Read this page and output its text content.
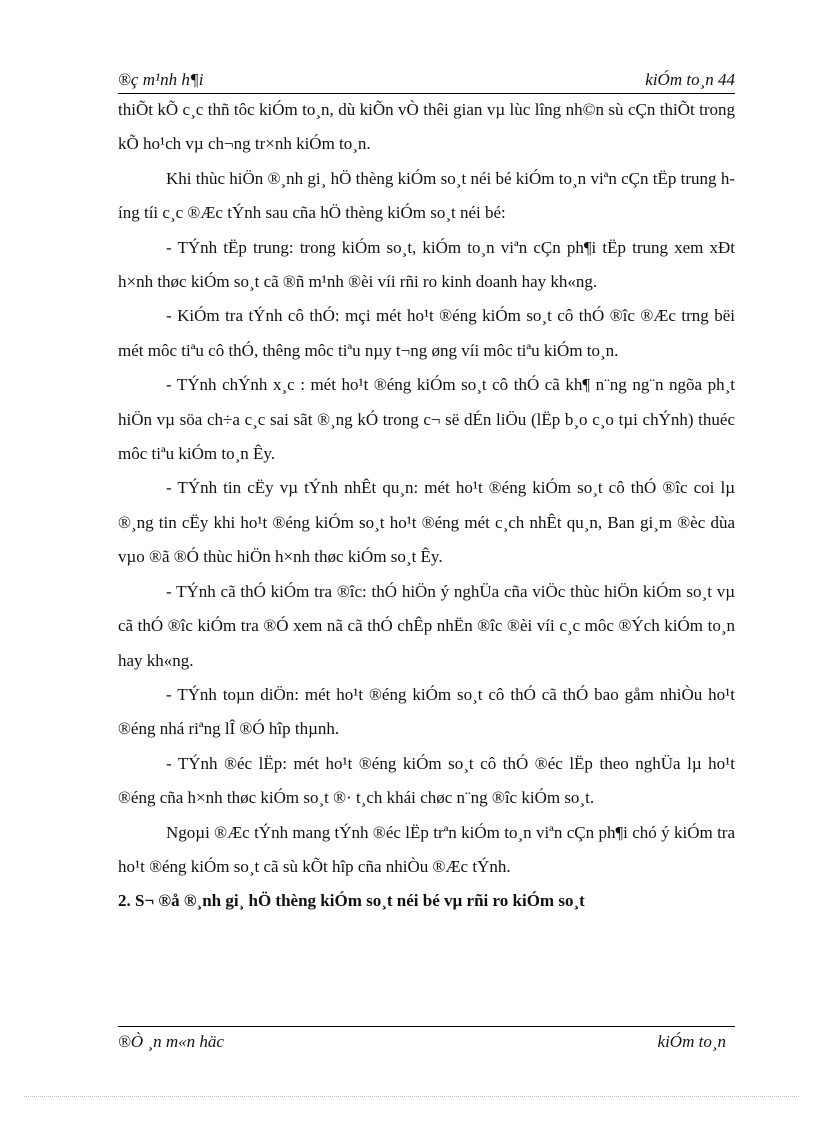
®ç m¹nh h¶i	kiÓm to¸n 44

thiÕt kÕ c¸c thñ tôc kiÓm to¸n, dù kiÕn vÒ thêi gian vµ lùc lîng nh©n sù cÇn thiÕt trong kÕ ho¹ch vµ ch¬ng tr×nh kiÓm to¸n.

Khi thùc hiÖn ®¸nh gi¸ hÖ thèng kiÓm so¸t néi bé kiÓm to¸n viªn cÇn tËp trung híng tíi c¸c ®Æc tÝnh sau cña hÖ thèng kiÓm so¸t néi bé:

- TÝnh tËp trung: trong kiÓm so¸t, kiÓm to¸n viªn cÇn ph¶i tËp trung xem xÐt h×nh thøc kiÓm so¸t cã ®ñ m¹nh ®èi víi rñi ro kinh doanh hay kh«ng.

- KiÓm tra tÝnh cô thÓ: mçi mét ho¹t ®éng kiÓm so¸t cô thÓ ®îc ®Æc trng bëi mét môc tiªu cô thÓ, thêng môc tiªu nµy t¬ng øng víi môc tiªu kiÓm to¸n.

- TÝnh chÝnh x¸c : mét ho¹t ®éng kiÓm so¸t cô thÓ cã kh¶ n¨ng ng¨n ngõa ph¸t hiÖn vµ söa ch÷a c¸c sai sãt ®¸ng kÓ trong c¬ së dÉn liÖu (lËp b¸o c¸o tµi chÝnh) thuéc môc tiªu kiÓm to¸n Êy.

- TÝnh tin cËy vµ tÝnh nhÊt qu¸n: mét ho¹t ®éng kiÓm so¸t cô thÓ ®îc coi lµ ®¸ng tin cËy khi ho¹t ®éng kiÓm so¸t ho¹t ®éng mét c¸ch nhÊt qu¸n, Ban gi¸m ®èc dùa vµo ®ã ®Ó thùc hiÖn h×nh thøc kiÓm so¸t Êy.

- TÝnh cã thÓ kiÓm tra ®îc: thÓ hiÖn ý nghÜa cña viÖc thùc hiÖn kiÓm so¸t vµ cã thÓ ®îc kiÓm tra ®Ó xem nã cã thÓ chÊp nhËn ®îc ®èi víi c¸c môc ®Ých kiÓm to¸n hay kh«ng.

- TÝnh toµn diÖn: mét ho¹t ®éng kiÓm so¸t cô thÓ cã thÓ bao gåm nhiÒu ho¹t ®éng nhá riªng lÎ ®Ó hîp thµnh.

- TÝnh ®éc lËp: mét ho¹t ®éng kiÓm so¸t cô thÓ ®éc lËp theo nghÜa lµ ho¹t ®éng cña h×nh thøc kiÓm so¸t ®· t¸ch khái chøc n¨ng ®îc kiÓm so¸t.

Ngoµi ®Æc tÝnh mang tÝnh ®éc lËp trªn kiÓm to¸n viªn cÇn ph¶i chó ý kiÓm tra ho¹t ®éng kiÓm so¸t cã sù kÕt hîp cña nhiÒu ®Æc tÝnh.

2. S¬ ®å ®¸nh gi¸ hÖ thèng kiÓm so¸t néi bé vµ rñi ro kiÓm so¸t

®Ò ¸n m«n häc	kiÓm to¸n
